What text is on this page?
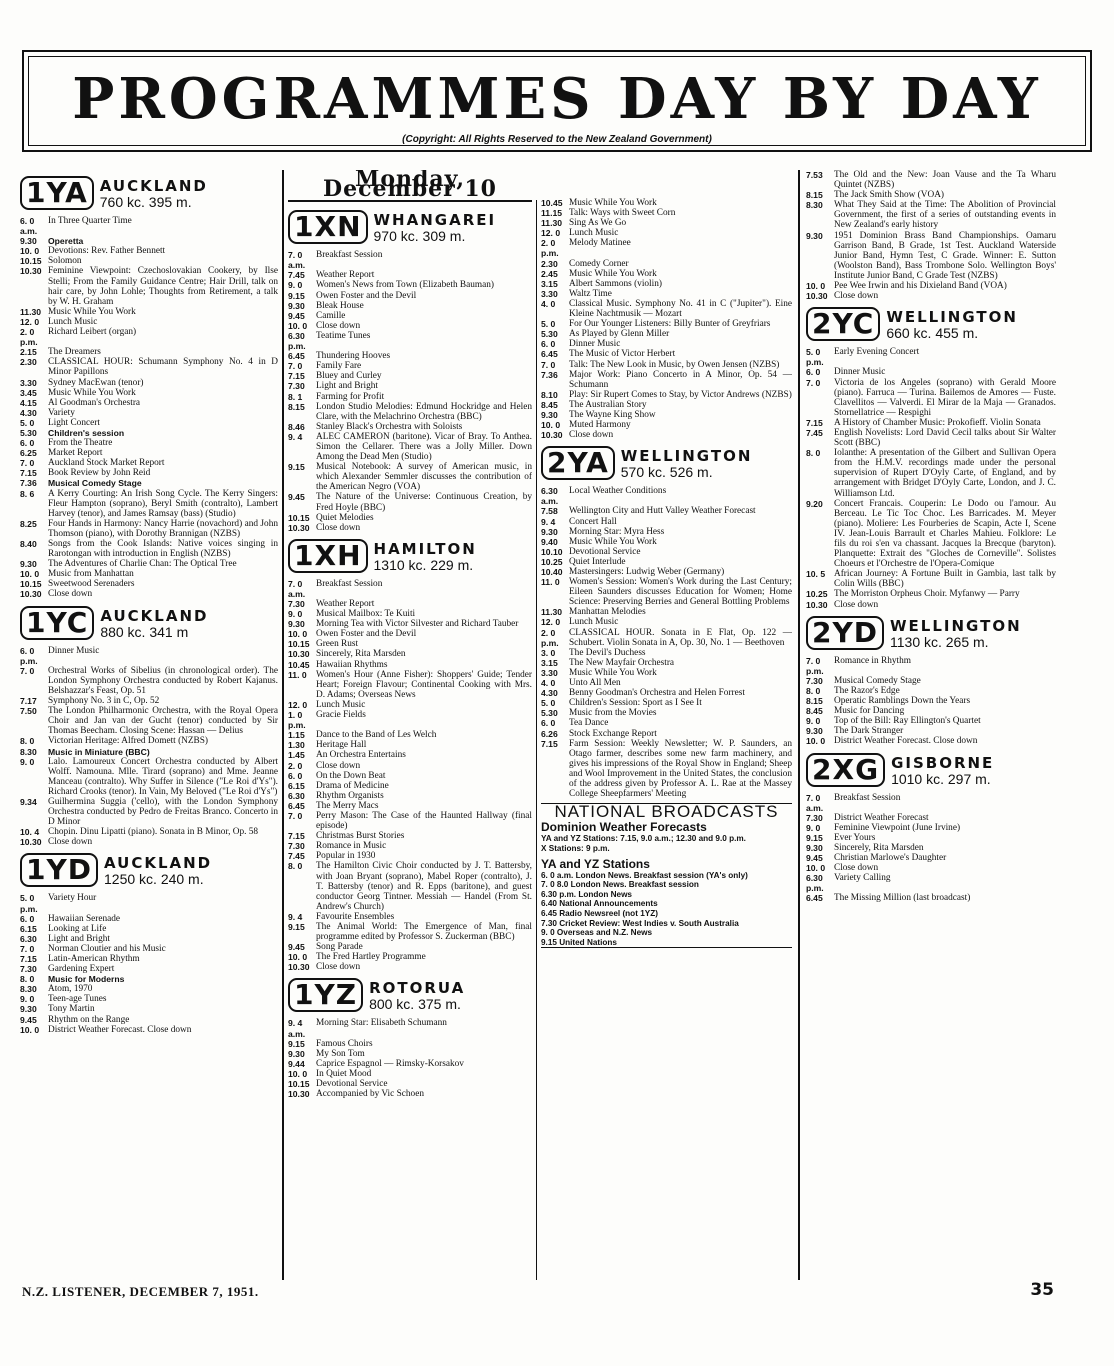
PROGRAMMES DAY BY DAY
(Copyright: All Rights Reserved to the New Zealand Government)
1YA AUCKLAND
760 kc. 395 m.
6. 0 a.m.
In Three Quarter Time
9.30	Operetta
10. 0 Devotions: Rev. Father Bennett
10.15 Solomon
10.30 Feminine Viewpoint: Czechoslovakian Cookery, by Ilse Stelli; From the Family Guidance Centre; Hair Drill, talk on hair care, by John Lohle; Thoughts from Retirement, a talk by W. H. Graham
11.30 Music While You Work
12. 0 Lunch Music
2. 0 p.m.
Richard Leibert (organ)
2.15	The Dreamers
2.30	CLASSICAL HOUR: Schumann Symphony No. 4 in D Minor Papillons
3.30	Sydney MacEwan (tenor)
3.45	Music While You Work
4.15	Al Goodman's Orchestra
4.30	Variety
5. 0	Light Concert
5.30	Children's session
6. 0	From the Theatre
6.25	Market Report
7. 0	Auckland Stock Market Report
7.15	Book Review by John Reid
7.36	Musical Comedy Stage
8. 6	A Kerry Courting: An Irish Song Cycle. The Kerry Singers: Fleur Hampton (soprano), Beryl Smith (contralto), Lambert Harvey (tenor), and James Ramsay (bass) (Studio)
8.25	Four Hands in Harmony: Nancy Harrie (novachord) and John Thomson (piano), with Dorothy Brannigan (NZBS)
8.40	Songs from the Cook Islands: Native voices singing in Rarotongan with introduction in English (NZBS)
9.30	The Adventures of Charlie Chan: The Optical Tree
10. 0 Music from Manhattan
10.15 Sweetwood Serenaders
10.30 Close down
1YC AUCKLAND
880 kc. 341 m
6. 0 p.m.
Dinner Music
7. 0	Orchestral Works of Sibelius (in chronological order). The London Symphony Orchestra conducted by Robert Kajanus. Belshazzar's Feast, Op. 51
7.17	Symphony No. 3 in C, Op. 52
7.50	The London Philharmonic Orchestra, with the Royal Opera Choir and Jan van der Gucht (tenor) conducted by Sir Thomas Beecham. Closing Scene: Hassan — Delius
8. 0	Victorian Heritage: Alfred Domett (NZBS)
8.30	Music in Miniature (BBC)
9. 0	Lalo. Lamoureux Concert Orchestra conducted by Albert Wolff. Namouna. Mlle. Tirard (soprano) and Mme. Jeanne Manceau (contralto). Why Suffer in Silence ("Le Roi d'Ys"). Richard Crooks (tenor). In Vain, My Beloved ("Le Roi d'Ys")
9.34	Guilhermina Suggia ('cello), with the London Symphony Orchestra conducted by Pedro de Freitas Branco. Concerto in D Minor
10. 4 Chopin. Dinu Lipatti (piano). Sonata in B Minor, Op. 58
10.30 Close down
1YD AUCKLAND
1250 kc. 240 m.
5. 0 p.m.
Variety Hour
6. 0	Hawaiian Serenade
6.15	Looking at Life
6.30	Light and Bright
7. 0	Norman Cloutier and his Music
7.15	Latin-American Rhythm
7.30	Gardening Expert
8. 0	Music for Moderns
8.30	Atom, 1970
9. 0	Teen-age Tunes
9.30	Tony Martin
9.45	Rhythm on the Range
10. 0 District Weather Forecast. Close down
Monday, December 10
1XN WHANGAREI
970 kc. 309 m.
7. 0 a.m.
Breakfast Session
7.45	Weather Report
9. 0	Women's News from Town (Elizabeth Bauman)
9.15	Owen Foster and the Devil
9.30	Bleak House
9.45	Camille
10. 0 Close down
6.30 p.m.
Teatime Tunes
6.45	Thundering Hooves
7. 0	Family Fare
7.15	Bluey and Curley
7.30	Light and Bright
8. 1	Farming for Profit
8.15	London Studio Melodies: Edmund Hockridge and Helen Clare, with the Melachrino Orchestra (BBC)
8.46	Stanley Black's Orchestra with Soloists
9. 4	ALEC CAMERON (baritone). Vicar of Bray. To Anthea. Simon the Cellarer. There was a Jolly Miller. Down Among the Dead Men (Studio)
9.15	Musical Notebook: A survey of American music, in which Alexander Semmler discusses the contribution of the American Negro (VOA)
9.45	The Nature of the Universe: Continuous Creation, by Fred Hoyle (BBC)
10.15 Quiet Melodies
10.30 Close down
1XH HAMILTON
1310 kc. 229 m.
7. 0 a.m.
Breakfast Session
7.30	Weather Report
9. 0	Musical Mailbox: Te Kuiti
9.30	Morning Tea with Victor Silvester and Richard Tauber
10. 0 Owen Foster and the Devil
10.15 Green Rust
10.30 Sincerely, Rita Marsden
10.45 Hawaiian Rhythms
11. 0	Women's Hour (Anne Fisher): Shoppers' Guide; Tender Heart; Foreign Flavour; Continental Cooking with Mrs. D. Adams; Overseas News
12. 0 Lunch Music
1. 0 p.m.
Gracie Fields
1.15	Dance to the Band of Les Welch
1.30	Heritage Hall
1.45	An Orchestra Entertains
2. 0	Close down
6. 0	On the Down Beat
6.15	Drama of Medicine
6.30	Rhythm Organists
6.45	The Merry Macs
7. 0	Perry Mason: The Case of the Haunted Hallway (final episode)
7.15	Christmas Burst Stories
7.30	Romance in Music
7.45	Popular in 1930
8. 0	The Hamilton Civic Choir conducted by J. T. Battersby, with Joan Bryant (soprano), Mabel Roper (contralto), J. T. Battersby (tenor) and R. Epps (baritone), and guest conductor Georg Tintner. Messiah — Handel (From St. Andrew's Church)
9. 4	Favourite Ensembles
9.15	The Animal World: The Emergence of Man, final programme edited by Professor S. Zuckerman (BBC)
9.45	Song Parade
10. 0 The Fred Hartley Programme
10.30 Close down
1YZ ROTORUA
800 kc. 375 m.
9. 4 a.m.
Morning Star: Elisabeth Schumann
9.15	Famous Choirs
9.30	My Son Tom
9.44	Caprice Espagnol — Rimsky-Korsakov
10. 0 In Quiet Mood
10.15 Devotional Service
10.30 Accompanied by Vic Schoen
10.45 Music While You Work
11.15 Talk: Ways with Sweet Corn
11.30 Sing As We Go
12. 0 Lunch Music
2. 0 p.m.
Melody Matinee
2.30	Comedy Corner
2.45	Music While You Work
3.15	Albert Sammons (violin)
3.30	Waltz Time
4. 0	Classical Music. Symphony No. 41 in C ("Jupiter"). Eine Kleine Nachtmusik — Mozart
5. 0	For Our Younger Listeners: Billy Bunter of Greyfriars
5.30	As Played by Glenn Miller
6. 0	Dinner Music
6.45	The Music of Victor Herbert
7. 0	Talk: The New Look in Music, by Owen Jensen (NZBS)
7.36	Major Work: Piano Concerto in A Minor, Op. 54 — Schumann
8.10	Play: Sir Rupert Comes to Stay, by Victor Andrews (NZBS)
8.45	The Australian Story
9.30	The Wayne King Show
10. 0 Muted Harmony
10.30 Close down
2YA WELLINGTON
570 kc. 526 m.
6.30 a.m.
Local Weather Conditions
7.58	Wellington City and Hutt Valley Weather Forecast
9. 4	Concert Hall
9.30	Morning Star: Myra Hess
9.40	Music While You Work
10.10 Devotional Service
10.25 Quiet Interlude
10.40 Mastersingers: Ludwig Weber (Germany)
11. 0	Women's Session: Women's Work during the Last Century; Eileen Saunders discusses Education for Women; Home Science: Preserving Berries and General Bottling Problems
11.30 Manhattan Melodies
12. 0 Lunch Music
2. 0 p.m.
CLASSICAL HOUR. Sonata in E Flat, Op. 122 — Schubert. Violin Sonata in A, Op. 30, No. 1 — Beethoven
3. 0	The Devil's Duchess
3.15	The New Mayfair Orchestra
3.30	Music While You Work
4. 0	Unto All Men
4.30	Benny Goodman's Orchestra and Helen Forrest
5. 0	Children's Session: Sport as I See It
5.30	Music from the Movies
6. 0	Tea Dance
6.26	Stock Exchange Report
7.15	Farm Session: Weekly Newsletter; W. P. Saunders, an Otago farmer, describes some new farm machinery, and gives his impressions of the Royal Show in England; Sheep and Wool Improvement in the United States, the conclusion of the address given by Professor A. L. Rae at the Massey College Sheepfarmers' Meeting
NATIONAL BROADCASTS
Dominion Weather Forecasts

YA and YZ Stations: 7.15, 9.0 a.m.; 12.30 and 9.0 p.m.

X Stations: 9 p.m.

YA and YZ Stations

6. 0 a.m. London News. Breakfast session (YA's only)

7. 0 8.0 London News. Breakfast session

6.30 p.m. London News

6.40 National Announcements

6.45 Radio Newsreel (not 1YZ)

7.30 Cricket Review: West Indies v. South Australia

9. 0 Overseas and N.Z. News

9.15 United Nations

7.53	The Old and the New: Joan Vause and the Ta Wharu Quintet (NZBS)
8.15	The Jack Smith Show (VOA)
8.30	What They Said at the Time: The Abolition of Provincial Government, the first of a series of outstanding events in New Zealand's early history
9.30	1951 Dominion Brass Band Championships. Oamaru Garrison Band, B Grade, 1st Test. Auckland Waterside Junior Band, Hymn Test, C Grade. Winner: E. Sutton (Woolston Band), Bass Trombone Solo. Wellington Boys' Institute Junior Band, C Grade Test (NZBS)
10. 0 Pee Wee Irwin and his Dixieland Band (VOA)
10.30 Close down
2YC WELLINGTON
660 kc. 455 m.
5. 0 p.m.
Early Evening Concert
6. 0	Dinner Music
7. 0	Victoria de los Angeles (soprano) with Gerald Moore (piano). Farruca — Turina. Bailemos de Amores — Fuste. Clavellitos — Valverdi. El Mirar de la Maja — Granados. Stornellatrice — Respighi
7.15	A History of Chamber Music: Prokofieff. Violin Sonata
7.45	English Novelists: Lord David Cecil talks about Sir Walter Scott (BBC)
8. 0	Iolanthe: A presentation of the Gilbert and Sullivan Opera from the H.M.V. recordings made under the personal supervision of Rupert D'Oyly Carte, of England, and by arrangement with Bridget D'Oyly Carte, London, and J. C. Williamson Ltd.
9.20	Concert Francais. Couperin: Le Dodo ou l'amour. Au Berceau. Le Tic Toc Choc. Les Barricades. M. Meyer (piano). Moliere: Les Fourberies de Scapin, Acte I, Scene IV. Jean-Louis Barrault et Charles Mahieu. Folklore: Le fils du roi s'en va chassant. Jacques la Brecque (baryton). Planquette: Extrait des "Gloches de Corneville". Solistes Choeurs et l'Orchestre de l'Opera-Comique
10. 5 African Journey: A Fortune Built in Gambia, last talk by Colin Wills (BBC)
10.25 The Morriston Orpheus Choir. Myfanwy — Parry
10.30 Close down
2YD WELLINGTON
1130 kc. 265 m.
7. 0 p.m.
Romance in Rhythm
7.30	Musical Comedy Stage
8. 0	The Razor's Edge
8.15	Operatic Ramblings Down the Years
8.45	Music for Dancing
9. 0	Top of the Bill: Ray Ellington's Quartet
9.30	The Dark Stranger
10. 0 District Weather Forecast. Close down
2XG GISBORNE
1010 kc. 297 m.
7. 0 a.m.
Breakfast Session
7.30	District Weather Forecast
9. 0	Feminine Viewpoint (June Irvine)
9.15	Ever Yours
9.30	Sincerely, Rita Marsden
9.45	Christian Marlowe's Daughter
10. 0 Close down
6.30 p.m.
Variety Calling
6.45	The Missing Million (last broadcast)
N.Z. LISTENER, DECEMBER 7, 1951.	35
